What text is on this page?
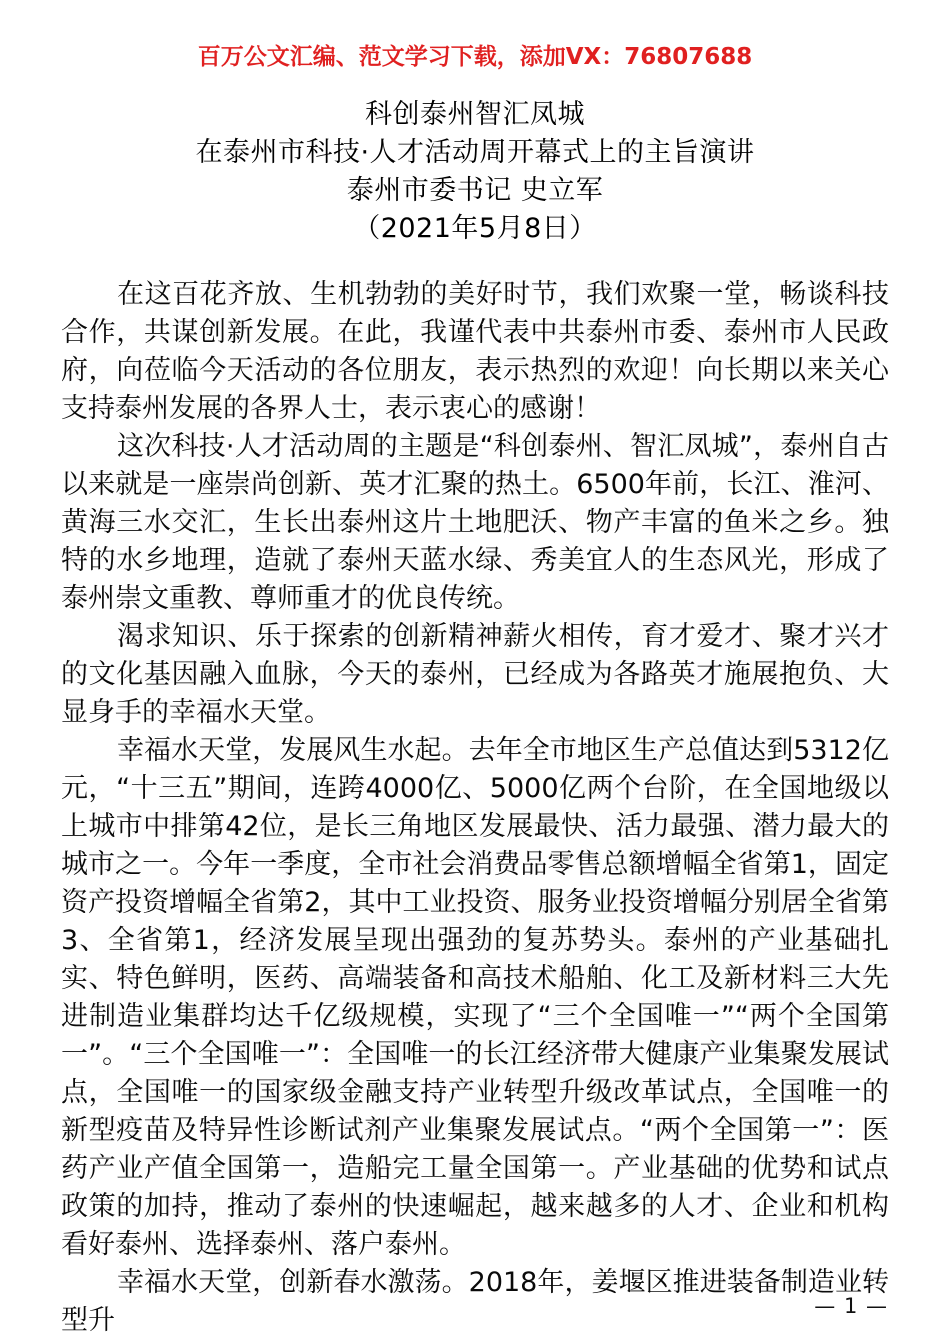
百万公文汇编、范文学习下载，添加VX：76807688
科创泰州智汇凤城
在泰州市科技·人才活动周开幕式上的主旨演讲
泰州市委书记 史立军
（2021年5月8日）

在这百花齐放、生机勃勃的美好时节，我们欢聚一堂，畅谈科技合作，共谋创新发展。在此，我谨代表中共泰州市委、泰州市人民政府，向莅临今天活动的各位朋友，表示热烈的欢迎！向长期以来关心支持泰州发展的各界人士，表示衷心的感谢！

这次科技·人才活动周的主题是“科创泰州、智汇凤城”，泰州自古以来就是一座崇尚创新、英才汇聚的热土。6500年前，长江、淮河、黄海三水交汇，生长出泰州这片土地肥沃、物产丰富的鱼米之乡。独特的水乡地理，造就了泰州天蓝水绿、秀美宜人的生态风光，形成了泰州崇文重教、尊师重才的优良传统。

渴求知识、乐于探索的创新精神薪火相传，育才爱才、聚才兴才的文化基因融入血脉，今天的泰州，已经成为各路英才施展抱负、大显身手的幸福水天堂。

幸福水天堂，发展风生水起。去年全市地区生产总值达到5312亿元，“十三五”期间，连跨4000亿、5000亿两个台阶，在全国地级以上城市中排第42位，是长三角地区发展最快、活力最强、潜力最大的城市之一。今年一季度，全市社会消费品零售总额增幅全省第1，固定资产投资增幅全省第2，其中工业投资、服务业投资增幅分别居全省第3、全省第1，经济发展呈现出强劲的复苏势头。泰州的产业基础扎实、特色鲜明，医药、高端装备和高技术船舶、化工及新材料三大先进制造业集群均达千亿级规模，实现了“三个全国唯一”“两个全国第一”。“三个全国唯一”：全国唯一的长江经济带大健康产业集聚发展试点，全国唯一的国家级金融支持产业转型升级改革试点，全国唯一的新型疫苗及特异性诊断试剂产业集聚发展试点。“两个全国第一”：医药产业产值全国第一，造船完工量全国第一。产业基础的优势和试点政策的加持，推动了泰州的快速崛起，越来越多的人才、企业和机构看好泰州、选择泰州、落户泰州。

幸福水天堂，创新春水激荡。2018年，姜堰区推进装备制造业转型升	— 1 —
